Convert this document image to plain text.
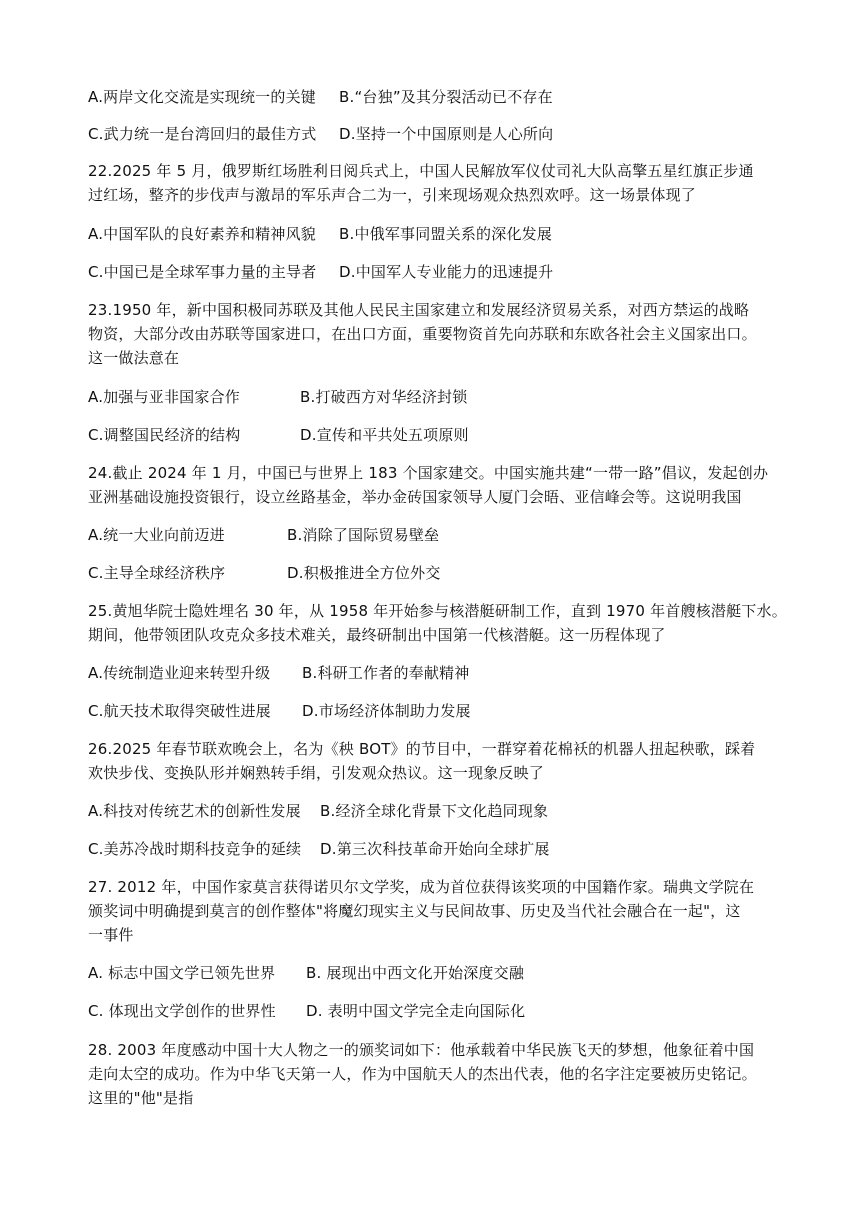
A.两岸文化交流是实现统一的关键 B.“台独”及其分裂活动已不存在
C.武力统一是台湾回归的最佳方式 D.坚持一个中国原则是人心所向
22.2025 年 5 月，俄罗斯红场胜利日阅兵式上，中国人民解放军仪仗司礼大队高擎五星红旗正步通
过红场，整齐的步伐声与激昂的军乐声合二为一，引来现场观众热烈欢呼。这一场景体现了
A.中国军队的良好素养和精神风貌 B.中俄军事同盟关系的深化发展
C.中国已是全球军事力量的主导者 D.中国军人专业能力的迅速提升
23.1950 年，新中国积极同苏联及其他人民民主国家建立和发展经济贸易关系，对西方禁运的战略
物资，大部分改由苏联等国家进口，在出口方面，重要物资首先向苏联和东欧各社会主义国家出口。
这一做法意在
A.加强与亚非国家合作	B.打破西方对华经济封锁
C.调整国民经济的结构	D.宣传和平共处五项原则
24.截止 2024 年 1 月，中国已与世界上 183 个国家建交。中国实施共建“一带一路”倡议，发起创办
亚洲基础设施投资银行，设立丝路基金，举办金砖国家领导人厦门会晤、亚信峰会等。这说明我国
A.统一大业向前迈进	B.消除了国际贸易壁垒
C.主导全球经济秩序	D.积极推进全方位外交
25.黄旭华院士隐姓埋名 30 年，从 1958 年开始参与核潜艇研制工作，直到 1970 年首艘核潜艇下水。
期间，他带领团队攻克众多技术难关，最终研制出中国第一代核潜艇。这一历程体现了
A.传统制造业迎来转型升级 B.科研工作者的奉献精神
C.航天技术取得突破性进展 D.市场经济体制助力发展
26.2025 年春节联欢晚会上，名为《秧 BOT》的节目中，一群穿着花棉袄的机器人扭起秧歌，踩着
欢快步伐、变换队形并娴熟转手绢，引发观众热议。这一现象反映了
A.科技对传统艺术的创新性发展 B.经济全球化背景下文化趋同现象
C.美苏冷战时期科技竞争的延续 D.第三次科技革命开始向全球扩展
27. 2012 年，中国作家莫言获得诺贝尔文学奖，成为首位获得该奖项的中国籍作家。瑞典文学院在
颁奖词中明确提到莫言的创作整体"将魔幻现实主义与民间故事、历史及当代社会融合在一起"，这
一事件
A. 标志中国文学已领先世界 B. 展现出中西文化开始深度交融
C. 体现出文学创作的世界性 D. 表明中国文学完全走向国际化
28. 2003 年度感动中国十大人物之一的颁奖词如下：他承载着中华民族飞天的梦想，他象征着中国
走向太空的成功。作为中华飞天第一人，作为中国航天人的杰出代表，他的名字注定要被历史铭记。
这里的"他"是指
